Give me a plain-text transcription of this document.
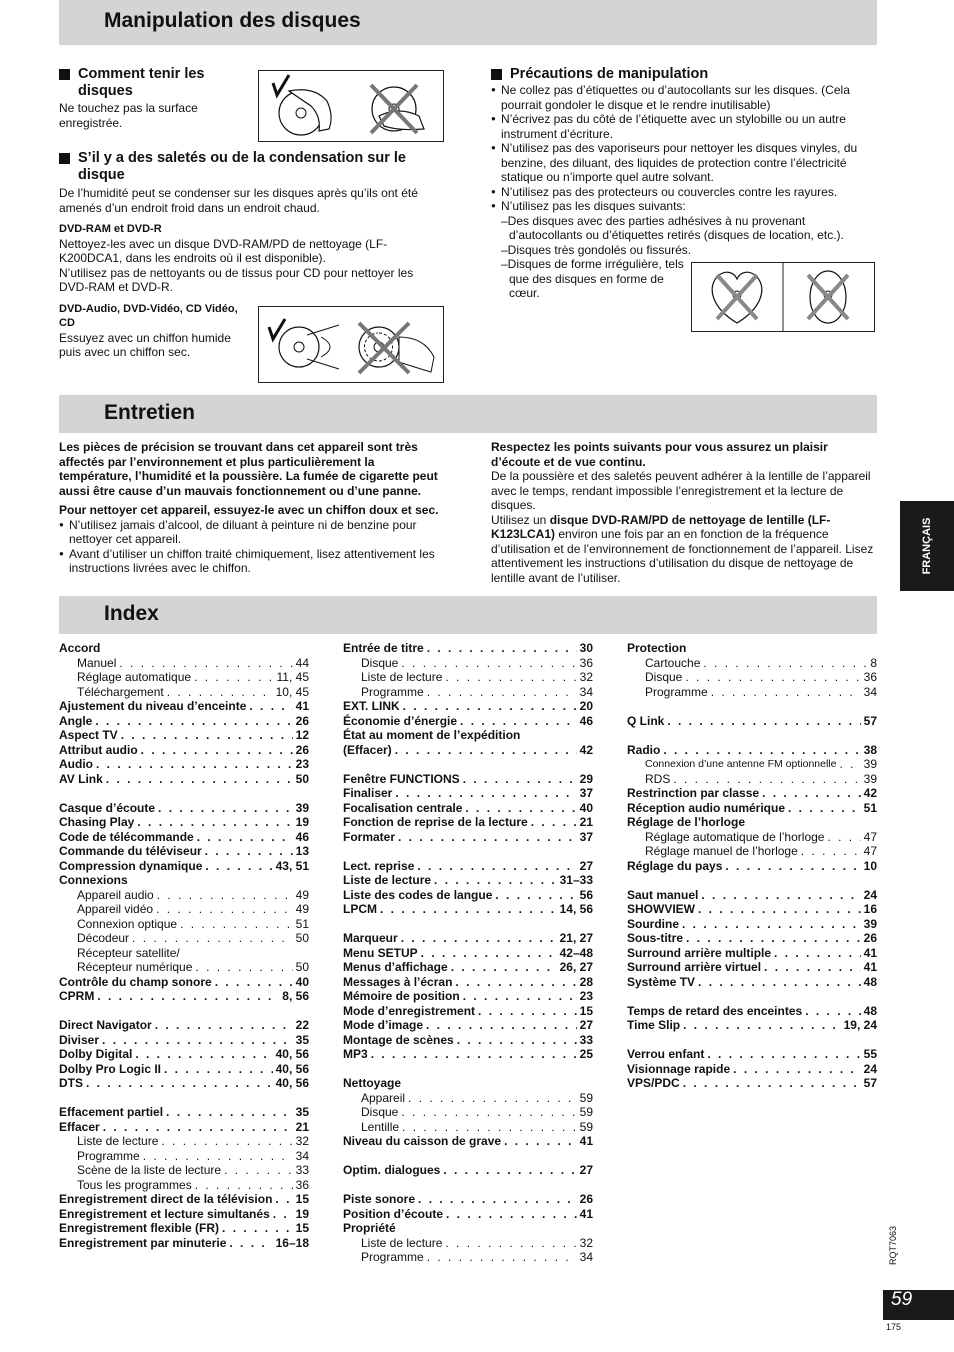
Manipulation des disques
Comment tenir les disques

Ne touchez pas la surface enregistrée.

S’il y a des saletés ou de la condensation sur le disque

De l’humidité peut se condenser sur les disques après qu’ils ont été amenés d’un endroit froid dans un endroit chaud.

DVD-RAM et DVD-R

Nettoyez-les avec un disque DVD-RAM/PD de nettoyage (LF-K200DCA1, dans les endroits où il est disponible).

N’utilisez pas de nettoyants ou de tissus pour CD pour nettoyer les DVD-RAM et DVD-R.

DVD-Audio, DVD-Vidéo, CD Vidéo, CD

Essuyez avec un chiffon humide puis avec un chiffon sec.

Précautions de manipulation
● Ne collez pas d’étiquettes ou d’autocollants sur les disques. (Cela pourrait gondoler le disque et le rendre inutilisable)
● N’écrivez pas du côté de l’étiquette avec un stylobille ou un autre instrument d’écriture.
● N’utilisez pas des vaporiseurs pour nettoyer les disques vinyles, du benzine, des diluant, des liquides de protection contre l’électricité statique ou n’importe quel autre solvant.
● N’utilisez pas des protecteurs ou couvercles contre les rayures.
● N’utilisez pas les disques suivants:
–Des disques avec des parties adhésives à nu provenant d’autocollants ou d’étiquettes retirés (disques de location, etc.).
–Disques très gondolés ou fissurés.
–Disques de forme irrégulière, tels que des disques en forme de cœur.
Entretien

Les pièces de précision se trouvant dans cet appareil sont très affectés par l’environnement et plus particulièrement la température, l’humidité et la poussière. La fumée de cigarette peut aussi être cause d’un mauvais fonctionnement ou d’une panne.

Pour nettoyer cet appareil, essuyez-le avec un chiffon doux et sec.

● N’utilisez jamais d’alcool, de diluant à peinture ni de benzine pour nettoyer cet appareil.
● Avant d’utiliser un chiffon traité chimiquement, lisez attentivement les instructions livrées avec le chiffon.

Respectez les points suivants pour vous assurez un plaisir d’écoute et de vue continu.

De la poussière et des saletés peuvent adhérer à la lentille de l’appareil avec le temps, rendant impossible l’enregistrement et la lecture de disques.

Utilisez un disque DVD-RAM/PD de nettoyage de lentille (LF-K123LCA1) environ une fois par an en fonction de la fréquence d’utilisation et de l’environnement de fonctionnement de l’appareil. Lisez attentivement les instructions d’utilisation du disque de nettoyage de lentille avant de l’utiliser.

FRANÇAIS
Index
Accord
Manuel . . .	44
Réglage automatique . . .	11, 45
Téléchargement . . .	10, 45
Ajustement du niveau d’enceinte . . .	41
Angle . . .	26
Aspect TV . . .	12
Attribut audio . . .	26
Audio . . .	23
AV Link . . .	50
Casque d’écoute . . .	39
Chasing Play . . .	19
Code de télécommande . . .	46
Commande du téléviseur . . .	13
Compression dynamique . . .	43, 51
Connexions
Appareil audio . . .	49
Appareil vidéo . . .	49
Connexion optique . . .	51
Décodeur . . .	50
Récepteur satellite/
Récepteur numérique . . .	50
Contrôle du champ sonore . . .	40
CPRM . . .	8, 56
Direct Navigator . . .	22
Diviser . . .	35
Dolby Digital . . .	40, 56
Dolby Pro Logic II . . .	40, 56
DTS . . .	40, 56
Effacement partiel . . .	35
Effacer . . .	21
Liste de lecture . . .	32
Programme . . .	34
Scène de la liste de lecture . . .	33
Tous les programmes . . .	36
Enregistrement direct de la télévision . . . 15
Enregistrement et lecture simultanés . . . 19
Enregistrement flexible (FR) . . .	15
Enregistrement par minuterie . . .	16–18
Entrée de titre . . .	30
Disque . . .	36
Liste de lecture . . .	32
Programme . . .	34
EXT. LINK . . .	20
Économie d’énergie . . .	46
État au moment de l’expédition
(Effacer) . . .	42
Fenêtre FUNCTIONS . . .	29
Finaliser . . .	37
Focalisation centrale . . .	40
Fonction de reprise de la lecture . . .	21
Formater . . .	37
Lect. reprise . . .	27
Liste de lecture . . .	31–33
Liste des codes de langue . . .	56
LPCM . . .	14, 56
Marqueur . . .	21, 27
Menu SETUP . . .	42–48
Menus d’affichage . . .	26, 27
Messages à l’écran . . .	28
Mémoire de position . . .	23
Mode d’enregistrement . . .	15
Mode d’image . . .	27
Montage de scènes . . .	33
MP3 . . .	25
Nettoyage
Appareil . . .	59
Disque . . .	59
Lentille . . .	59
Niveau du caisson de grave . . .	41
Optim. dialogues . . .	27
Piste sonore . . .	26
Position d’écoute . . .	41
Propriété
Liste de lecture . . .	32
Programme . . .	34
Protection
Cartouche . . .	8
Disque . . .	36
Programme . . .	34
Q Link . . .	57
Radio . . .	38
Connexion d’une antenne FM optionnelle . . . 39
RDS . . .	39
Restrinction par classe . . .	42
Réception audio numérique . . .	51
Réglage de l’horloge
Réglage automatique de l’horloge . . .	47
Réglage manuel de l’horloge . . .	47
Réglage du pays . . .	10
Saut manuel . . .	24
SHOWVIEW . . .	16
Sourdine . . .	39
Sous-titre . . .	26
Surround arrière multiple . . .	41
Surround arrière virtuel . . .	41
Système TV . . .	48
Temps de retard des enceintes . . .	48
Time Slip . . .	19, 24
Verrou enfant . . .	55
Visionnage rapide . . .	24
VPS/PDC . . .	57
RQT7063
59
175
